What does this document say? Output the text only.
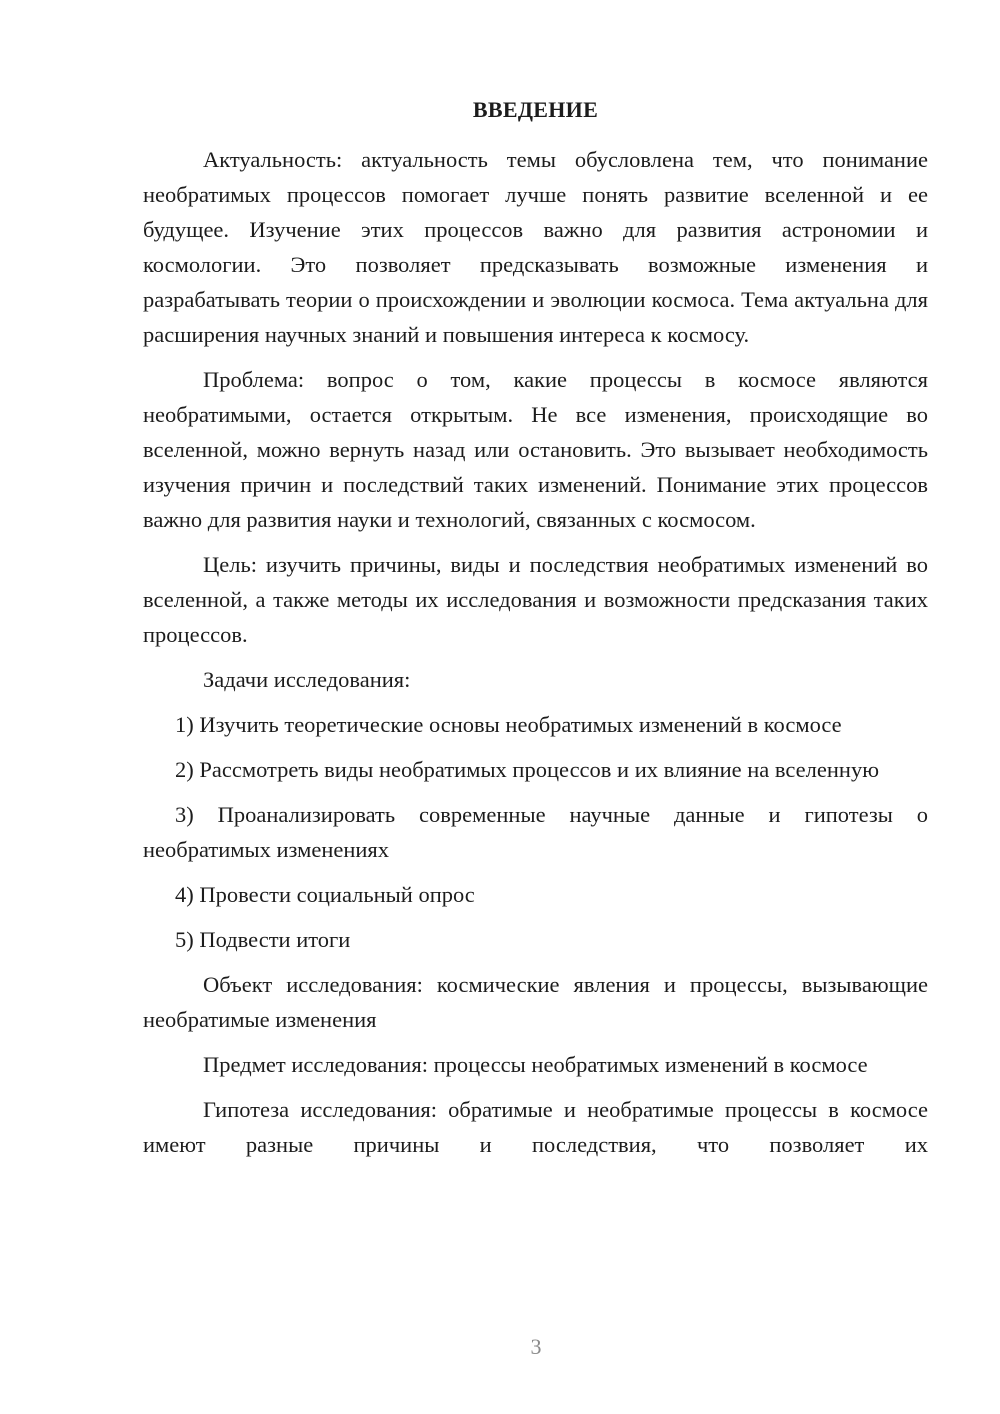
ВВЕДЕНИЕ

Актуальность: актуальность темы обусловлена тем, что понимание необратимых процессов помогает лучше понять развитие вселенной и ее будущее. Изучение этих процессов важно для развития астрономии и космологии. Это позволяет предсказывать возможные изменения и разрабатывать теории о происхождении и эволюции космоса. Тема актуальна для расширения научных знаний и повышения интереса к космосу.

Проблема: вопрос о том, какие процессы в космосе являются необратимыми, остается открытым. Не все изменения, происходящие во вселенной, можно вернуть назад или остановить. Это вызывает необходимость изучения причин и последствий таких изменений. Понимание этих процессов важно для развития науки и технологий, связанных с космосом.

Цель: изучить причины, виды и последствия необратимых изменений во вселенной, а также методы их исследования и возможности предсказания таких процессов.

Задачи исследования:

1) Изучить теоретические основы необратимых изменений в космосе

2) Рассмотреть виды необратимых процессов и их влияние на вселенную

3) Проанализировать современные научные данные и гипотезы о необратимых изменениях

4) Провести социальный опрос

5) Подвести итоги

Объект исследования: космические явления и процессы, вызывающие необратимые изменения

Предмет исследования: процессы необратимых изменений в космосе

Гипотеза исследования: обратимые и необратимые процессы в космосе имеют разные причины и последствия, что позволяет их

3
